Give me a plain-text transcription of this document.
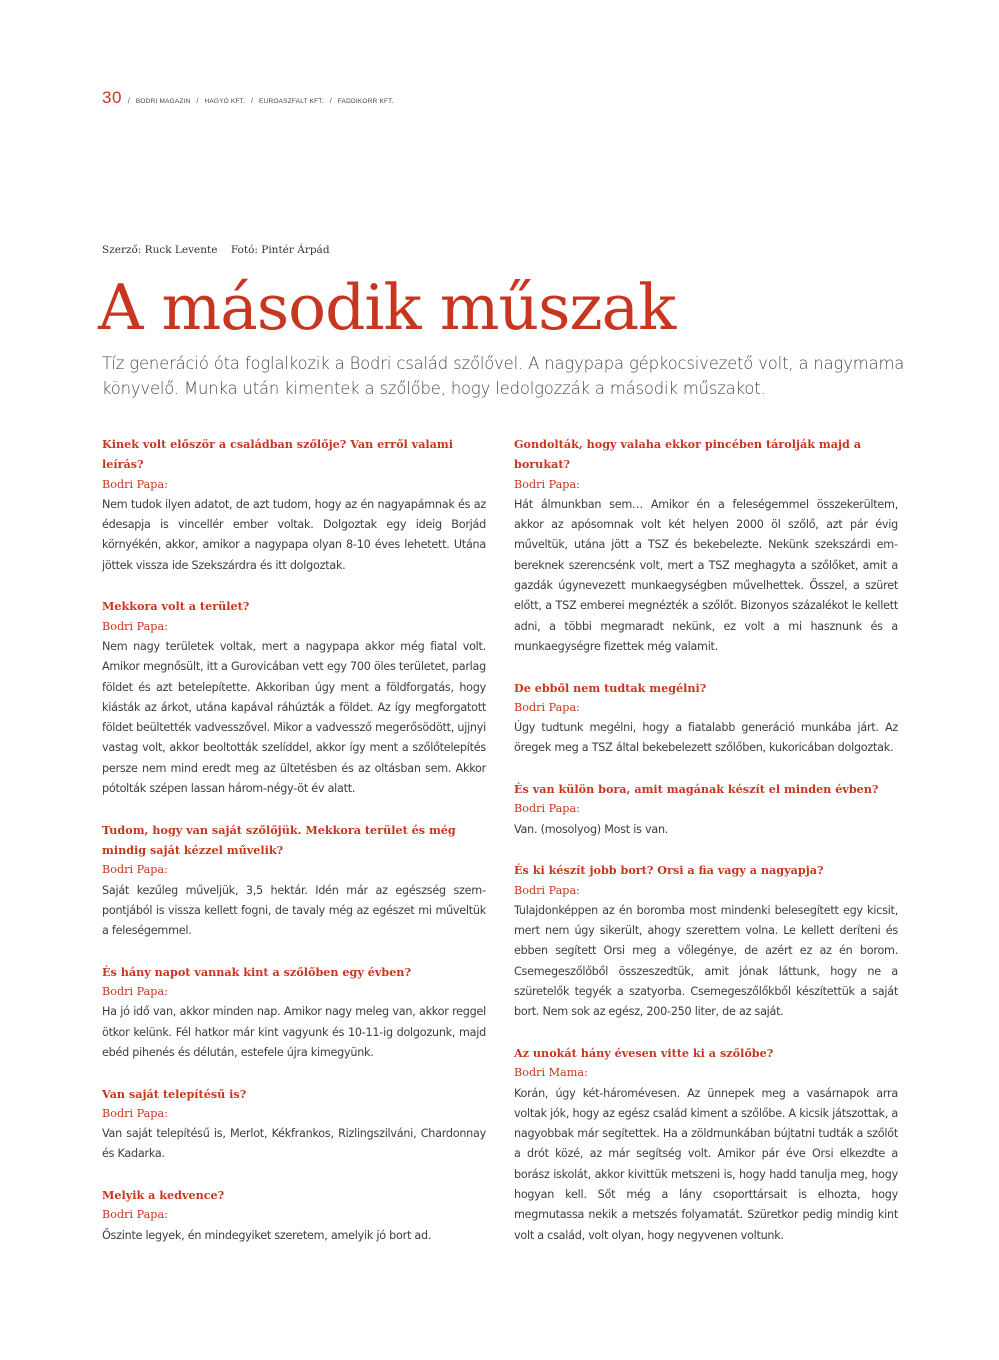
30 / BODRI MAGAZIN / HAGYÓ KFT. / EURОASZFALT KFT. / FADDIKORR KFT.
Szerző: Ruck Levente Fotó: Pintér Árpád
A második műszak

Tíz generáció óta foglalkozik a Bodri család szőlővel. A nagypapa gépkocsivezető volt, a nagymama könyvelő. Munka után kimentek a szőlőbe, hogy ledolgozzák a második műszakot.

Kinek volt először a családban szőlője? Van erről valami leírás?

Bodri Papa:

Nem tudok ilyen adatot, de azt tudom, hogy az én nagyapámnak és az édesapja is vincellér ember voltak. Dolgoztak egy ideig Borjád környékén, akkor, amikor a nagypapa olyan 8-10 éves lehetett. Utána jöttek vissza ide Szekszárdra és itt dolgoztak.

Mekkora volt a terület?

Bodri Papa:

Nem nagy területek voltak, mert a nagypapa akkor még fiatal volt. Amikor megnősült, itt a Gurovicában vett egy 700 öles területet, parlag földet és azt betelepítette. Akkoriban úgy ment a földforgatás, hogy kiásták az árkot, utána kapával ráhúzták a földet. Az így megforgatott földet beültették vadvesszővel. Mikor a vadvessző megerősödött, ujjnyi vastag volt, akkor beoltották szelíddel, akkor így ment a szőlőtelepítés persze nem mind eredt meg az ültetésben és az oltásban sem. Akkor pótolták szépen lassan három-négy-öt év alatt.

Tudom, hogy van saját szőlőjük. Mekkora terület és még mindig saját kézzel művelik?

Bodri Papa:

Saját kezűleg műveljük, 3,5 hektár. Idén már az egészség szempontjából is vissza kellett fogni, de tavaly még az egészet mi műveltük a feleségemmel.

És hány napot vannak kint a szőlőben egy évben?

Bodri Papa:

Ha jó idő van, akkor minden nap. Amikor nagy meleg van, akkor reggel ötkor kelünk. Fél hatkor már kint vagyunk és 10-11-ig dolgozunk, majd ebéd pihenés és délután, estefele újra kimegyünk.

Van saját telepítésű is?

Bodri Papa:

Van saját telepítésű is, Merlot, Kékfrankos, Rizlingszilváni, Chardonnay és Kadarka.

Melyik a kedvence?

Bodri Papa:

Őszinte legyek, én mindegyiket szeretem, amelyik jó bort ad.

Gondolták, hogy valaha ekkor pincében tárolják majd a borukat?

Bodri Papa:

Hát álmunkban sem… Amikor én a feleségemmel összekerültem, akkor az apósomnak volt két helyen 2000 öl szőlő, azt pár évig műveltük, utána jött a TSZ és bekebelezte. Nekünk szekszárdi embereknek szerencsénk volt, mert a TSZ meghagyta a szőlőket, amit a gazdák úgynevezett munkaegységben művelhettek. Ősszel, a szüret előtt, a TSZ emberei megnézték a szőlőt. Bizonyos százalékot le kellett adni, a többi megmaradt nekünk, ez volt a mi hasznunk és a munkaegységre fizettek még valamit.

De ebből nem tudtak megélni?

Bodri Papa:

Úgy tudtunk megélni, hogy a fiatalabb generáció munkába járt. Az öregek meg a TSZ által bekebelezett szőlőben, kukoricában dolgoztak.

És van külön bora, amit magának készít el minden évben?

Bodri Papa:

Van. (mosolyog) Most is van.

És ki készít jobb bort? Orsi a fia vagy a nagyapja?

Bodri Papa:

Tulajdonképpen az én boromba most mindenki belesegített egy kicsit, mert nem úgy sikerült, ahogy szerettem volna. Le kellett deríteni és ebben segített Orsi meg a vőlegénye, de azért ez az én borom. Csemegeszőlőből összeszedtük, amit jónak láttunk, hogy ne a szüretelők tegyék a szatyorba. Csemegeszőlőkből készítettük a saját bort. Nem sok az egész, 200-250 liter, de az saját.

Az unokát hány évesen vitte ki a szőlőbe?

Bodri Mama:

Korán, úgy két-háromévesen. Az ünnepek meg a vasárnapok arra voltak jók, hogy az egész család kiment a szőlőbe. A kicsik játszottak, a nagyobbak már segítettek. Ha a zöldmunkában bújtatni tudták a szőlőt a drót közé, az már segítség volt. Amikor pár éve Orsi elkezdte a borász iskolát, akkor kivittük metszeni is, hogy hadd tanulja meg, hogy hogyan kell. Sőt még a lány csoporttársait is elhozta, hogy megmutassa nekik a metszés folyamatát. Szüretkor pedig mindig kint volt a család, volt olyan, hogy negyvenen voltunk.
